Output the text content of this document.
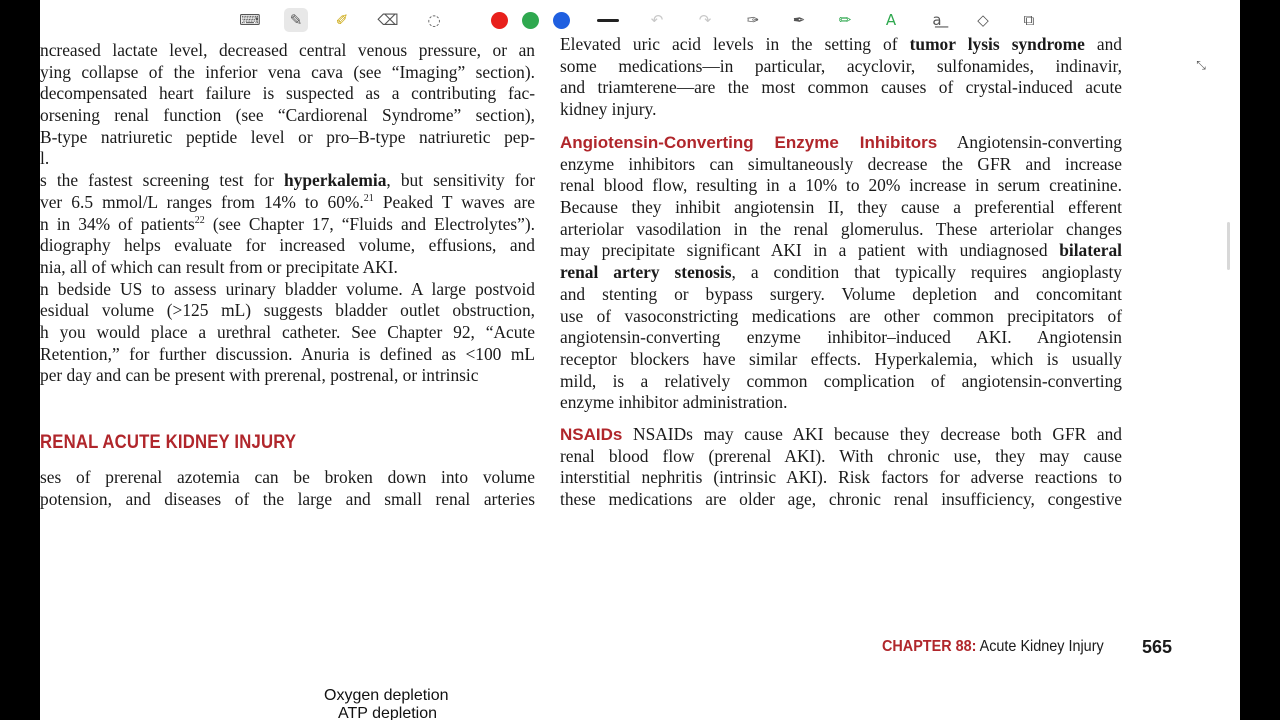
⌨	✎	✐	⌫	◌	↶	↷	✑	✒	✏	A	a͟	◇	⧉
⤡
ncreased lactate level, decreased central venous pressure, or an
ying collapse of the inferior vena cava (see “Imaging” section).
decompensated heart failure is suspected as a contributing fac-
orsening renal function (see “Cardiorenal Syndrome” section),
B-type natriuretic peptide level or pro–B-type natriuretic pep-
l.
s the fastest screening test for hyperkalemia, but sensitivity for
ver 6.5 mmol/L ranges from 14% to 60%.$^{21}$ Peaked T waves are
n in 34% of patients$^{22}$ (see Chapter 17, “Fluids and Electrolytes”).
diography helps evaluate for increased volume, effusions, and
nia, all of which can result from or precipitate AKI.
n bedside US to assess urinary bladder volume. A large postvoid
esidual volume (>125 mL) suggests bladder outlet obstruction,
h you would place a urethral catheter. See Chapter 92, “Acute
Retention,” for further discussion. Anuria is defined as <100 mL
per day and can be present with prerenal, postrenal, or intrinsic
RENAL ACUTE KIDNEY INJURY
ses of prerenal azotemia can be broken down into volume
potension, and diseases of the large and small renal arteries
Elevated uric acid levels in the setting of tumor lysis syndrome and
some medications—in particular, acyclovir, sulfonamides, indinavir,
and triamterene—are the most common causes of crystal-induced acute
kidney injury.
Angiotensin-Converting Enzyme Inhibitors Angiotensin-converting
enzyme inhibitors can simultaneously decrease the GFR and increase
renal blood flow, resulting in a 10% to 20% increase in serum creatinine.
Because they inhibit angiotensin II, they cause a preferential efferent
arteriolar vasodilation in the renal glomerulus. These arteriolar changes
may precipitate significant AKI in a patient with undiagnosed bilateral
renal artery stenosis, a condition that typically requires angioplasty
and stenting or bypass surgery. Volume depletion and concomitant
use of vasoconstricting medications are other common precipitators of
angiotensin-converting enzyme inhibitor–induced AKI. Angiotensin
receptor blockers have similar effects. Hyperkalemia, which is usually
mild, is a relatively common complication of angiotensin-converting
enzyme inhibitor administration.
NSAIDs NSAIDs may cause AKI because they decrease both GFR and
renal blood flow (prerenal AKI). With chronic use, they may cause
interstitial nephritis (intrinsic AKI). Risk factors for adverse reactions to
these medications are older age, chronic renal insufficiency, congestive
CHAPTER 88: Acute Kidney Injury 565
Oxygen depletion
ATP depletion
